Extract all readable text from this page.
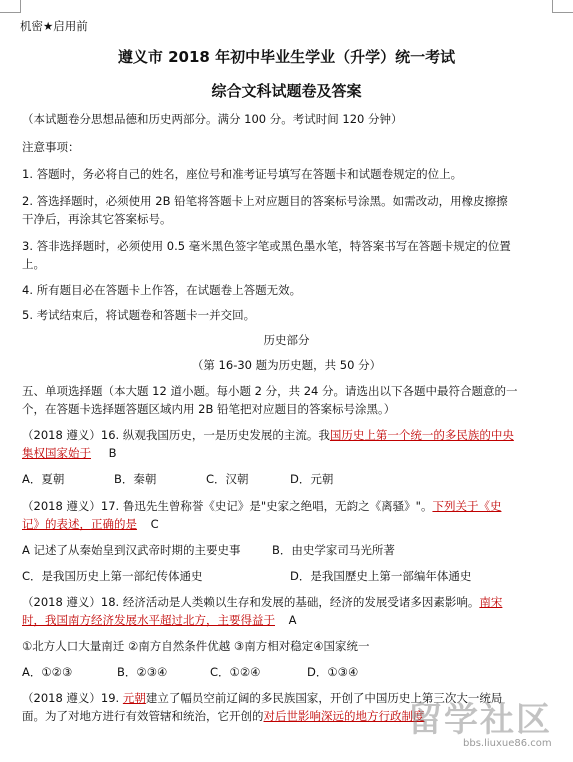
机密★启用前
遵义市 2018 年初中毕业生学业（升学）统一考试
综合文科试题卷及答案
（本试题卷分思想品德和历史两部分。满分 100 分。考试时间 120 分钟）
注意事项：
1. 答题时，务必将自己的姓名，座位号和准考证号填写在答题卡和试题卷规定的位上。
2. 答选择题时，必须使用 2B 铅笔将答题卡上对应题目的答案标号涂黑。如需改动，用橡皮擦擦
干净后，再涂其它答案标号。
3. 答非选择题时，必须使用 0.5 毫米黑色签字笔或黑色墨水笔，特答案书写在答题卡规定的位置
上。
4. 所有题目必在答题卡上作答，在试题卷上答题无效。
5. 考试结束后，将试题卷和答题卡一并交回。
历史部分
（第 16-30 题为历史题，共 50 分）
五、单项选择题（本大题 12 道小题。每小题 2 分，共 24 分。请选出以下各题中最符合题意的一
个，在答题卡选择题答题区域内用 2B 铅笔把对应题目的答案标号涂黑。）
（2018 遵义）16. 纵观我国历史，一是历史发展的主流。我国历史上第一个统一的多民族的中央
集权国家始于 B
A．夏朝	B．秦朝	C．汉朝	D．元朝
（2018 遵义）17. 鲁迅先生曾称誉《史记》是"史家之绝唱，无韵之《离骚》"。下列关于《史
记》的表述，正确的是 C
A 记述了从秦始皇到汉武帝时期的主要史事	B．由史学家司马光所著
C．是我国历史上第一部纪传体通史	D．是我国歷史上第一部编年体通史
（2018 遵义）18. 经济活动是人类赖以生存和发展的基础，经济的发展受诸多因素影响。南宋
时，我国南方经济发展水平超过北方，主要得益于 A
①北方人口大量南迁 ②南方自然条件优越 ③南方相对稳定④国家统一
A．①②③	B．②③④	C．①②④	D．①③④
（2018 遵义）19. 元朝建立了幅员空前辽阔的多民族国家，开创了中国历史上第三次大一统局
面。为了对地方进行有效管辖和统治，它开创的对后世影响深远的地方行政制度
留学社区
bbs.liuxue86.com
